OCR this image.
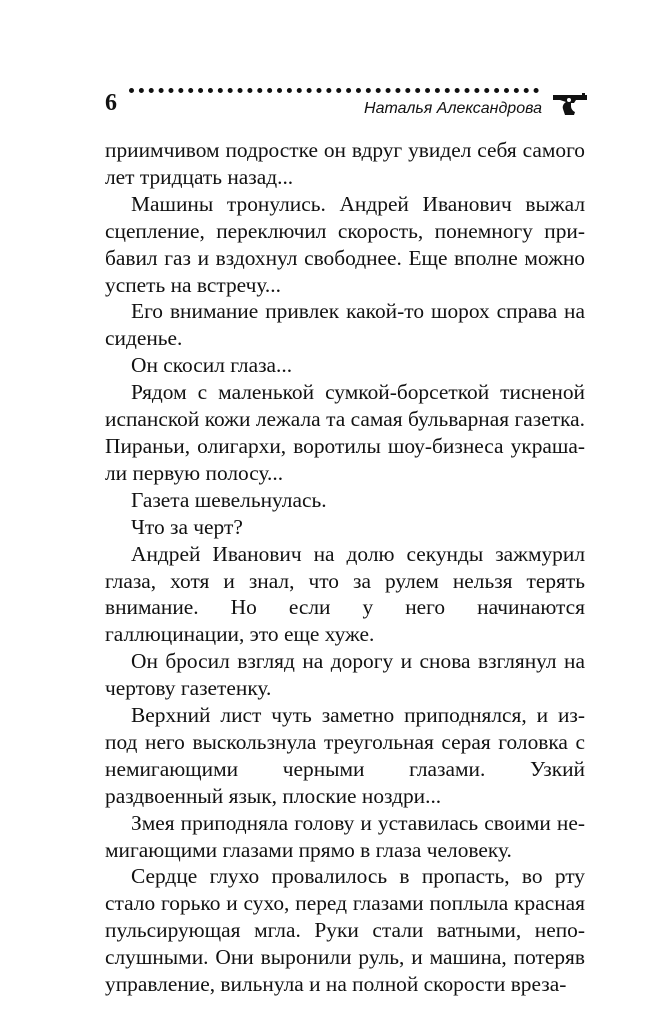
6	Наталья Александрова

приимчивом подростке он вдруг увидел себя самого лет тридцать назад...

Машины тронулись. Андрей Иванович выжал сцепление, переключил скорость, понемногу прибавил газ и вздохнул свободнее. Еще вполне можно успеть на встречу...

Его внимание привлек какой-то шорох справа на сиденье.

Он скосил глаза...

Рядом с маленькой сумкой-борсеткой тисненой испанской кожи лежала та самая бульварная газетка. Пираньи, олигархи, воротилы шоу-бизнеса украшали первую полосу...

Газета шевельнулась.

Что за черт?

Андрей Иванович на долю секунды зажмурил глаза, хотя и знал, что за рулем нельзя терять внимание. Но если у него начинаются галлюцинации, это еще хуже.

Он бросил взгляд на дорогу и снова взглянул на чертову газетенку.

Верхний лист чуть заметно приподнялся, и из-под него выскользнула треугольная серая головка с немигающими черными глазами. Узкий раздвоенный язык, плоские ноздри...

Змея приподняла голову и уставилась своими немигающими глазами прямо в глаза человеку.

Сердце глухо провалилось в пропасть, во рту стало горько и сухо, перед глазами поплыла красная пульсирующая мгла. Руки стали ватными, непослушными. Они выронили руль, и машина, потеряв управление, вильнула и на полной скорости вреза-
